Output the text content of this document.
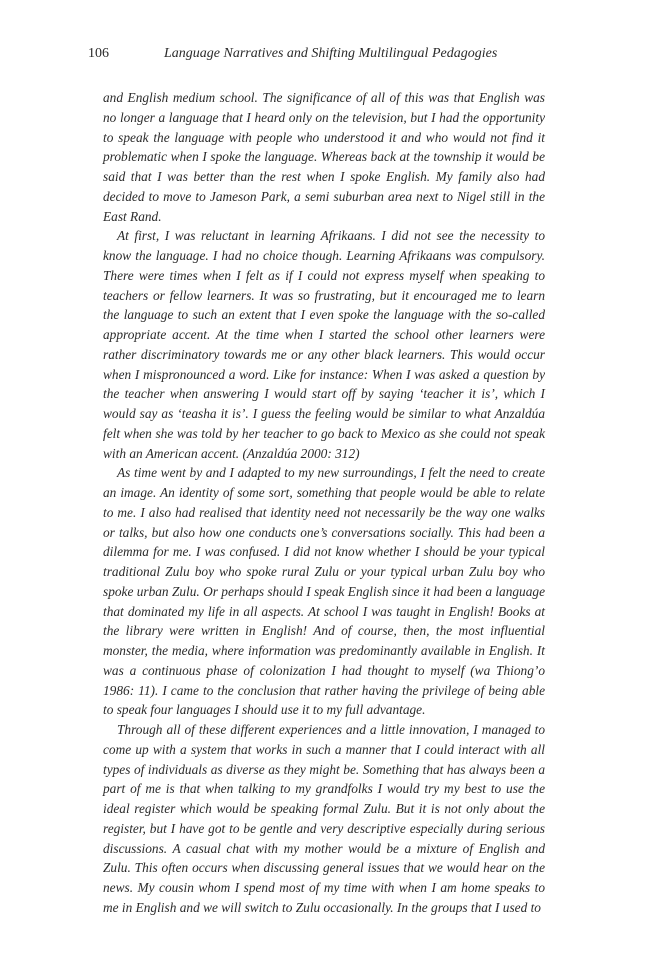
106	Language Narratives and Shifting Multilingual Pedagogies

and English medium school. The significance of all of this was that English was no longer a language that I heard only on the television, but I had the opportunity to speak the language with people who understood it and who would not find it problematic when I spoke the language. Whereas back at the township it would be said that I was better than the rest when I spoke English. My family also had decided to move to Jameson Park, a semi suburban area next to Nigel still in the East Rand.

At first, I was reluctant in learning Afrikaans. I did not see the necessity to know the language. I had no choice though. Learning Afrikaans was compulsory. There were times when I felt as if I could not express myself when speaking to teachers or fellow learners. It was so frustrating, but it encouraged me to learn the language to such an extent that I even spoke the language with the so-called appropriate accent. At the time when I started the school other learners were rather discriminatory towards me or any other black learners. This would occur when I mispronounced a word. Like for instance: When I was asked a question by the teacher when answering I would start off by saying ‘teacher it is’, which I would say as ‘teasha it is’. I guess the feeling would be similar to what Anzaldúa felt when she was told by her teacher to go back to Mexico as she could not speak with an American accent. (Anzaldúa 2000: 312)

As time went by and I adapted to my new surroundings, I felt the need to create an image. An identity of some sort, something that people would be able to relate to me. I also had realised that identity need not necessarily be the way one walks or talks, but also how one conducts one’s conversations socially. This had been a dilemma for me. I was confused. I did not know whether I should be your typical traditional Zulu boy who spoke rural Zulu or your typical urban Zulu boy who spoke urban Zulu. Or perhaps should I speak English since it had been a language that dominated my life in all aspects. At school I was taught in English! Books at the library were written in English! And of course, then, the most influential monster, the media, where information was predominantly available in English. It was a continuous phase of colonization I had thought to myself (wa Thiong’o 1986: 11). I came to the conclusion that rather having the privilege of being able to speak four languages I should use it to my full advantage.

Through all of these different experiences and a little innovation, I managed to come up with a system that works in such a manner that I could interact with all types of individuals as diverse as they might be. Something that has always been a part of me is that when talking to my grandfolks I would try my best to use the ideal register which would be speaking formal Zulu. But it is not only about the register, but I have got to be gentle and very descriptive especially during serious discussions. A casual chat with my mother would be a mixture of English and Zulu. This often occurs when discussing general issues that we would hear on the news. My cousin whom I spend most of my time with when I am home speaks to me in English and we will switch to Zulu occasionally. In the groups that I used to
